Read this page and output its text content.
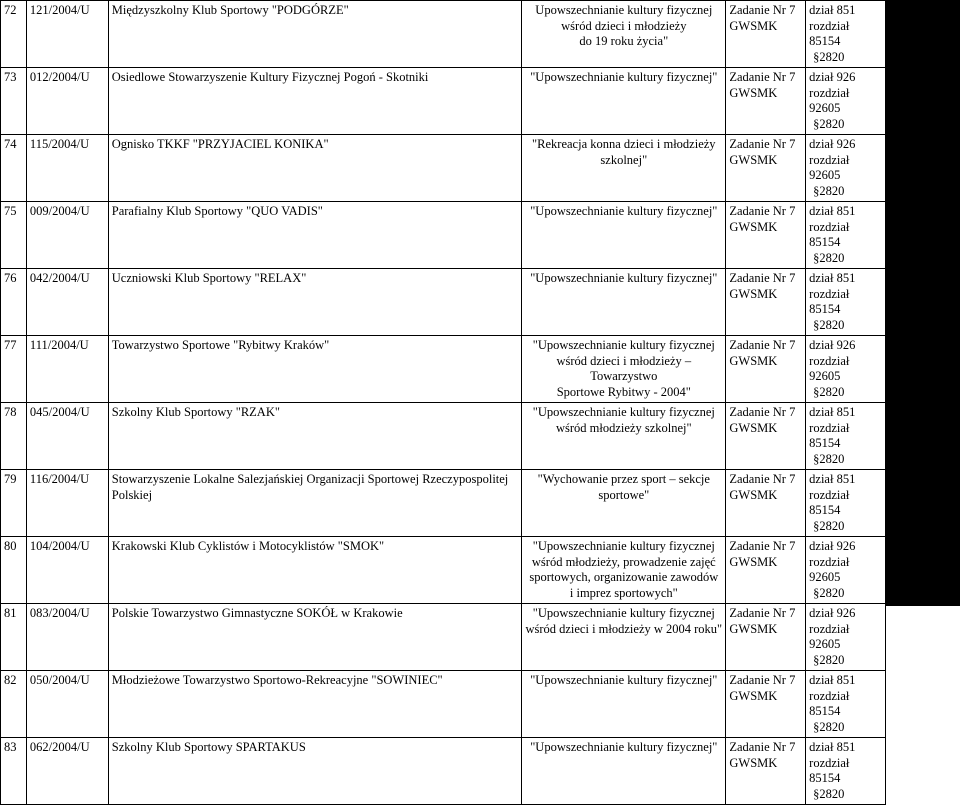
72	121/2004/U	Międzyszkolny Klub Sportowy "PODGÓRZE"	Upowszechnianie kultury fizycznej
wśród dzieci i młodzieży
do 19 roku życia"	Zadanie Nr 7
GWSMK	dział 851
rozdział 85154
§2820

73	012/2004/U	Osiedlowe Stowarzyszenie Kultury Fizycznej Pogoń - Skotniki	"Upowszechnianie kultury fizycznej"	Zadanie Nr 7
GWSMK	dział 926
rozdział 92605
§2820

74	115/2004/U	Ognisko TKKF "PRZYJACIEL KONIKA"	"Rekreacja konna dzieci i młodzieży
szkolnej"	Zadanie Nr 7
GWSMK	dział 926
rozdział 92605
§2820

75	009/2004/U	Parafialny Klub Sportowy "QUO VADIS"	"Upowszechnianie kultury fizycznej"	Zadanie Nr 7
GWSMK	dział 851
rozdział 85154
§2820

76	042/2004/U	Uczniowski Klub Sportowy "RELAX"	"Upowszechnianie kultury fizycznej"	Zadanie Nr 7
GWSMK	dział 851
rozdział 85154
§2820

77	111/2004/U	Towarzystwo Sportowe "Rybitwy Kraków"	"Upowszechnianie kultury fizycznej
wśród dzieci i młodzieży – Towarzystwo
Sportowe Rybitwy - 2004"	Zadanie Nr 7
GWSMK	dział 926
rozdział 92605
§2820

78	045/2004/U	Szkolny Klub Sportowy "RZAK"	"Upowszechnianie kultury fizycznej
wśród młodzieży szkolnej"	Zadanie Nr 7
GWSMK	dział 851
rozdział 85154
§2820

79	116/2004/U	Stowarzyszenie Lokalne Salezjańskiej Organizacji Sportowej Rzeczypospolitej Polskiej	"Wychowanie przez sport – sekcje
sportowe"	Zadanie Nr 7
GWSMK	dział 851
rozdział 85154
§2820

80	104/2004/U	Krakowski Klub Cyklistów i Motocyklistów "SMOK"	"Upowszechnianie kultury fizycznej
wśród młodzieży, prowadzenie zajęć
sportowych, organizowanie zawodów
i imprez sportowych"	Zadanie Nr 7
GWSMK	dział 926
rozdział 92605
§2820

81	083/2004/U	Polskie Towarzystwo Gimnastyczne SOKÓŁ w Krakowie	"Upowszechnianie kultury fizycznej
wśród dzieci i młodzieży w 2004 roku"	Zadanie Nr 7
GWSMK	dział 926
rozdział 92605
§2820

82	050/2004/U	Młodzieżowe Towarzystwo Sportowo-Rekreacyjne "SOWINIEC"	"Upowszechnianie kultury fizycznej"	Zadanie Nr 7
GWSMK	dział 851
rozdział 85154
§2820

83	062/2004/U	Szkolny Klub Sportowy SPARTAKUS	"Upowszechnianie kultury fizycznej"	Zadanie Nr 7
GWSMK	dział 851
rozdział 85154
§2820
